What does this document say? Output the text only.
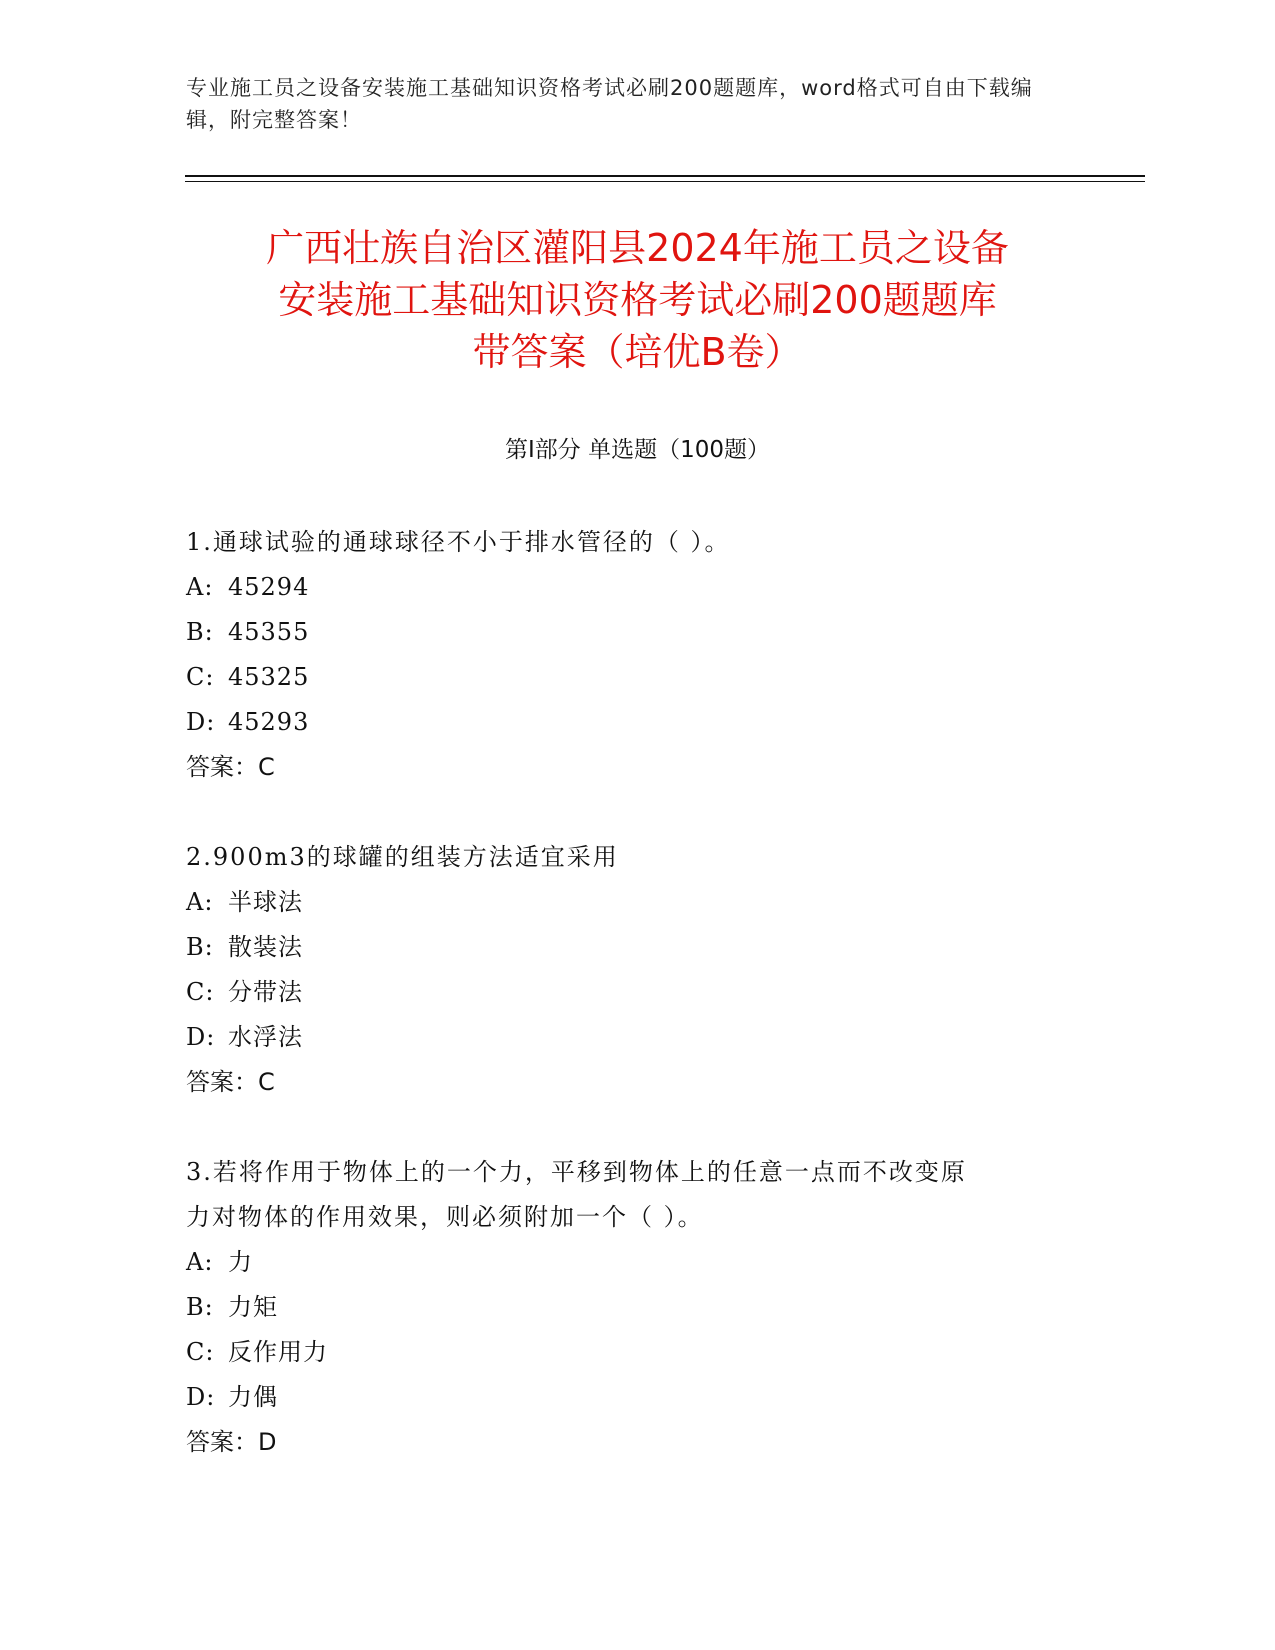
专业施工员之设备安装施工基础知识资格考试必刷200题题库，word格式可自由下载编辑，附完整答案！
广西壮族自治区灌阳县2024年施工员之设备
安装施工基础知识资格考试必刷200题题库
带答案（培优B卷）
第I部分 单选题（100题）
1.通球试验的通球球径不小于排水管径的（ ）。
A: 45294
B: 45355
C: 45325
D: 45293
答案：C
2.900m3的球罐的组装方法适宜采用
A: 半球法
B: 散装法
C: 分带法
D: 水浮法
答案：C
3.若将作用于物体上的一个力，平移到物体上的任意一点而不改变原
力对物体的作用效果，则必须附加一个（ ）。
A: 力
B: 力矩
C: 反作用力
D: 力偶
答案：D
